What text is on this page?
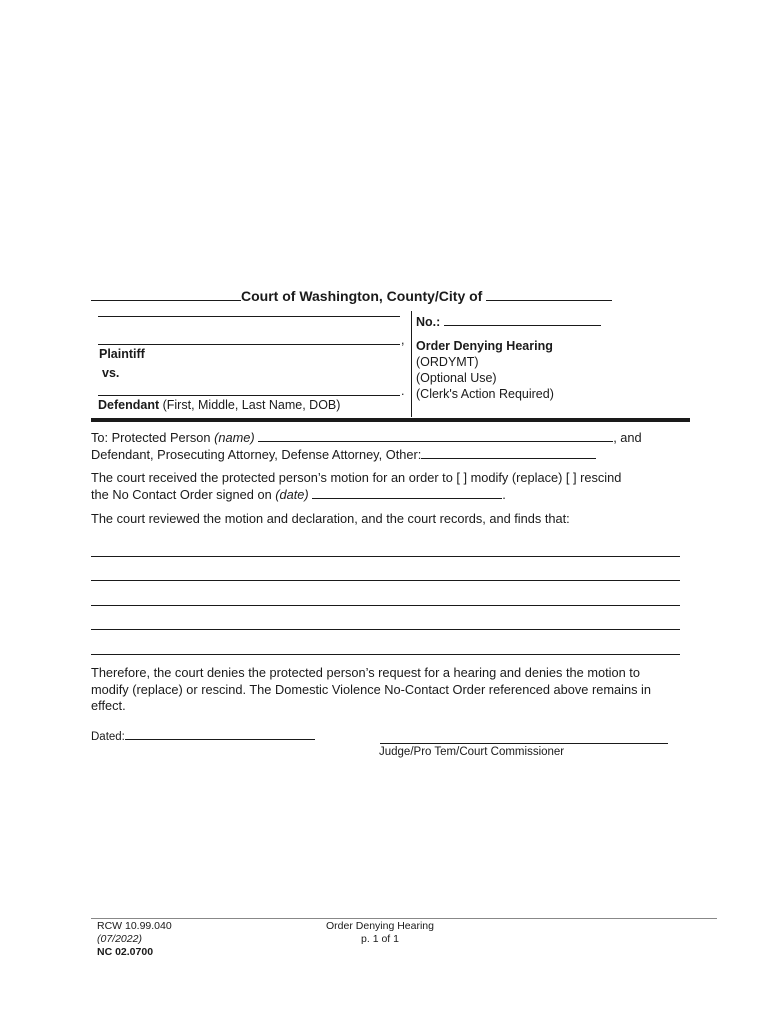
Court of Washington, County/City of
,
Plaintiff
vs.
.
Defendant (First, Middle, Last Name, DOB)
No.:
Order Denying Hearing
(ORDYMT)
(Optional Use)
(Clerk's Action Required)
To: Protected Person (name)	, and
Defendant, Prosecuting Attorney, Defense Attorney, Other:
The court received the protected person’s motion for an order to [ ] modify (replace) [ ] rescind
the No Contact Order signed on (date)	.
The court reviewed the motion and declaration, and the court records, and finds that:
Therefore, the court denies the protected person’s request for a hearing and denies the motion to modify (replace) or rescind. The Domestic Violence No-Contact Order referenced above remains in effect.
Dated:
Judge/Pro Tem/Court Commissioner
RCW 10.99.040
(07/2022)
NC 02.0700
Order Denying Hearing
p. 1 of 1
